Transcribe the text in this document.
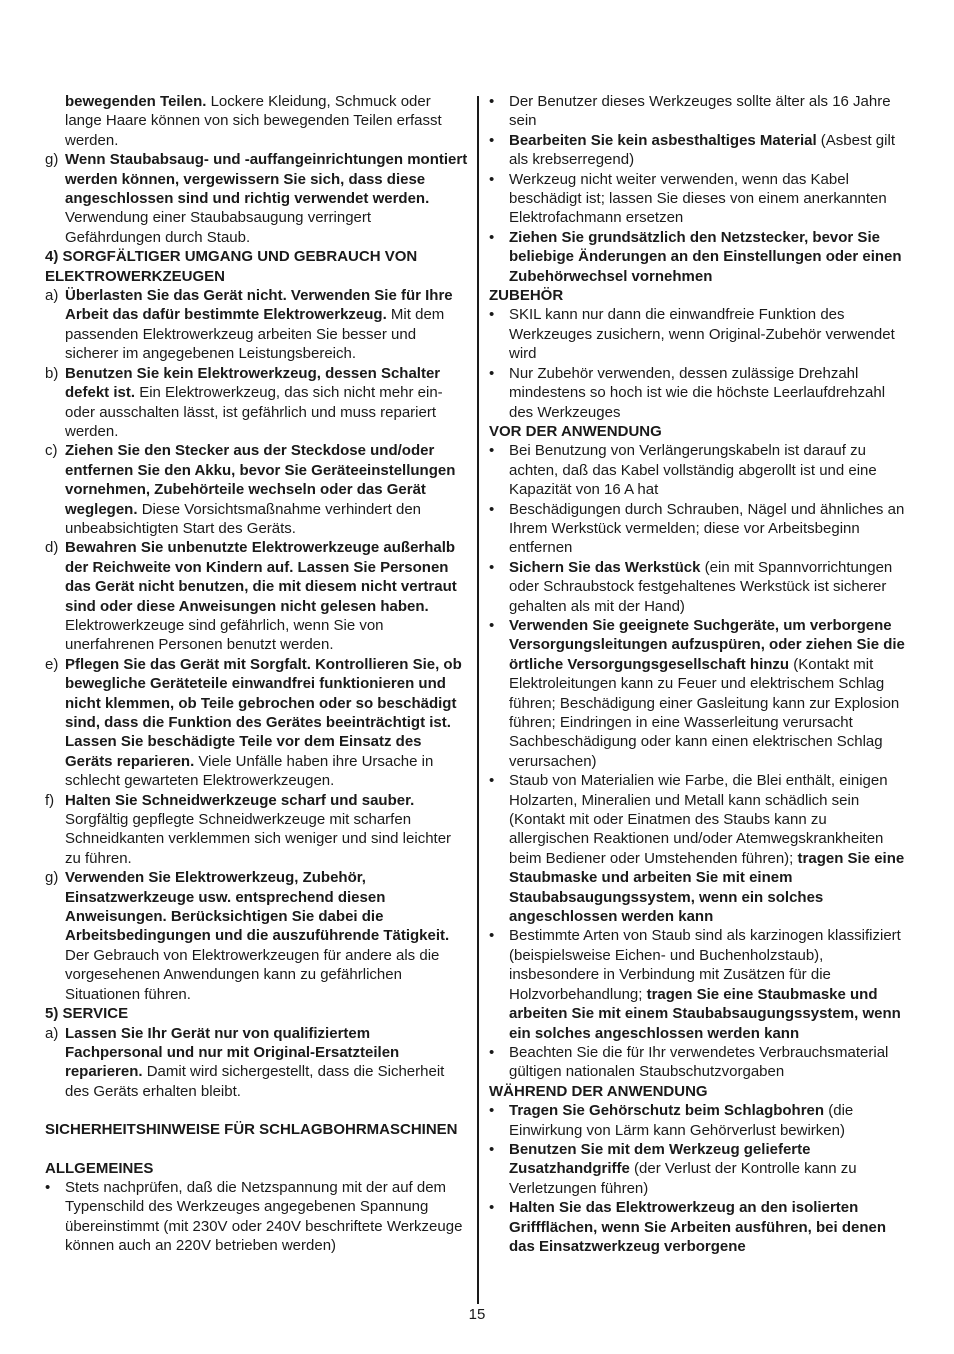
bewegenden Teilen. Lockere Kleidung, Schmuck oder lange Haare können von sich bewegenden Teilen erfasst werden.
g) Wenn Staubabsaug- und -auffangeinrichtungen montiert werden können, vergewissern Sie sich, dass diese angeschlossen sind und richtig verwendet werden. Verwendung einer Staubabsaugung verringert Gefährdungen durch Staub.
4) SORGFÄLTIGER UMGANG UND GEBRAUCH VON ELEKTROWERKZEUGEN
a) Überlasten Sie das Gerät nicht. Verwenden Sie für Ihre Arbeit das dafür bestimmte Elektrowerkzeug. Mit dem passenden Elektrowerkzeug arbeiten Sie besser und sicherer im angegebenen Leistungsbereich.
b) Benutzen Sie kein Elektrowerkzeug, dessen Schalter defekt ist. Ein Elektrowerkzeug, das sich nicht mehr ein- oder ausschalten lässt, ist gefährlich und muss repariert werden.
c) Ziehen Sie den Stecker aus der Steckdose und/oder entfernen Sie den Akku, bevor Sie Geräteeinstellungen vornehmen, Zubehörteile wechseln oder das Gerät weglegen. Diese Vorsichtsmaßnahme verhindert den unbeabsichtigten Start des Geräts.
d) Bewahren Sie unbenutzte Elektrowerkzeuge außerhalb der Reichweite von Kindern auf. Lassen Sie Personen das Gerät nicht benutzen, die mit diesem nicht vertraut sind oder diese Anweisungen nicht gelesen haben. Elektrowerkzeuge sind gefährlich, wenn Sie von unerfahrenen Personen benutzt werden.
e) Pflegen Sie das Gerät mit Sorgfalt. Kontrollieren Sie, ob bewegliche Geräteteile einwandfrei funktionieren und nicht klemmen, ob Teile gebrochen oder so beschädigt sind, dass die Funktion des Gerätes beeinträchtigt ist. Lassen Sie beschädigte Teile vor dem Einsatz des Geräts reparieren. Viele Unfälle haben ihre Ursache in schlecht gewarteten Elektrowerkzeugen.
f) Halten Sie Schneidwerkzeuge scharf und sauber. Sorgfältig gepflegte Schneidwerkzeuge mit scharfen Schneidkanten verklemmen sich weniger und sind leichter zu führen.
g) Verwenden Sie Elektrowerkzeug, Zubehör, Einsatzwerkzeuge usw. entsprechend diesen Anweisungen. Berücksichtigen Sie dabei die Arbeitsbedingungen und die auszuführende Tätigkeit. Der Gebrauch von Elektrowerkzeugen für andere als die vorgesehenen Anwendungen kann zu gefährlichen Situationen führen.
5) SERVICE
a) Lassen Sie Ihr Gerät nur von qualifiziertem Fachpersonal und nur mit Original-Ersatzteilen reparieren. Damit wird sichergestellt, dass die Sicherheit des Geräts erhalten bleibt.
SICHERHEITSHINWEISE FÜR SCHLAGBOHRMASCHINEN
ALLGEMEINES
• Stets nachprüfen, daß die Netzspannung mit der auf dem Typenschild des Werkzeuges angegebenen Spannung übereinstimmt (mit 230V oder 240V beschriftete Werkzeuge können auch an 220V betrieben werden)
• Der Benutzer dieses Werkzeuges sollte älter als 16 Jahre sein
• Bearbeiten Sie kein asbesthaltiges Material (Asbest gilt als krebserregend)
• Werkzeug nicht weiter verwenden, wenn das Kabel beschädigt ist; lassen Sie dieses von einem anerkannten Elektrofachmann ersetzen
• Ziehen Sie grundsätzlich den Netzstecker, bevor Sie beliebige Änderungen an den Einstellungen oder einen Zubehörwechsel vornehmen
ZUBEHÖR
• SKIL kann nur dann die einwandfreie Funktion des Werkzeuges zusichern, wenn Original-Zubehör verwendet wird
• Nur Zubehör verwenden, dessen zulässige Drehzahl mindestens so hoch ist wie die höchste Leerlaufdrehzahl des Werkzeuges
VOR DER ANWENDUNG
• Bei Benutzung von Verlängerungskabeln ist darauf zu achten, daß das Kabel vollständig abgerollt ist und eine Kapazität von 16 A hat
• Beschädigungen durch Schrauben, Nägel und ähnliches an Ihrem Werkstück vermelden; diese vor Arbeitsbeginn entfernen
• Sichern Sie das Werkstück (ein mit Spannvorrichtungen oder Schraubstock festgehaltenes Werkstück ist sicherer gehalten als mit der Hand)
• Verwenden Sie geeignete Suchgeräte, um verborgene Versorgungsleitungen aufzuspüren, oder ziehen Sie die örtliche Versorgungsgesellschaft hinzu (Kontakt mit Elektroleitungen kann zu Feuer und elektrischem Schlag führen; Beschädigung einer Gasleitung kann zur Explosion führen; Eindringen in eine Wasserleitung verursacht Sachbeschädigung oder kann einen elektrischen Schlag verursachen)
• Staub von Materialien wie Farbe, die Blei enthält, einigen Holzarten, Mineralien und Metall kann schädlich sein (Kontakt mit oder Einatmen des Staubs kann zu allergischen Reaktionen und/oder Atemwegskrankheiten beim Bediener oder Umstehenden führen); tragen Sie eine Staubmaske und arbeiten Sie mit einem Staubabsaugungssystem, wenn ein solches angeschlossen werden kann
• Bestimmte Arten von Staub sind als karzinogen klassifiziert (beispielsweise Eichen- und Buchenholzstaub), insbesondere in Verbindung mit Zusätzen für die Holzvorbehandlung; tragen Sie eine Staubmaske und arbeiten Sie mit einem Staubabsaugungssystem, wenn ein solches angeschlossen werden kann
• Beachten Sie die für Ihr verwendetes Verbrauchsmaterial gültigen nationalen Staubschutzvorgaben
WÄHREND DER ANWENDUNG
• Tragen Sie Gehörschutz beim Schlagbohren (die Einwirkung von Lärm kann Gehörverlust bewirken)
• Benutzen Sie mit dem Werkzeug gelieferte Zusatzhandgriffe (der Verlust der Kontrolle kann zu Verletzungen führen)
• Halten Sie das Elektrowerkzeug an den isolierten Griffflächen, wenn Sie Arbeiten ausführen, bei denen das Einsatzwerkzeug verborgene
15
